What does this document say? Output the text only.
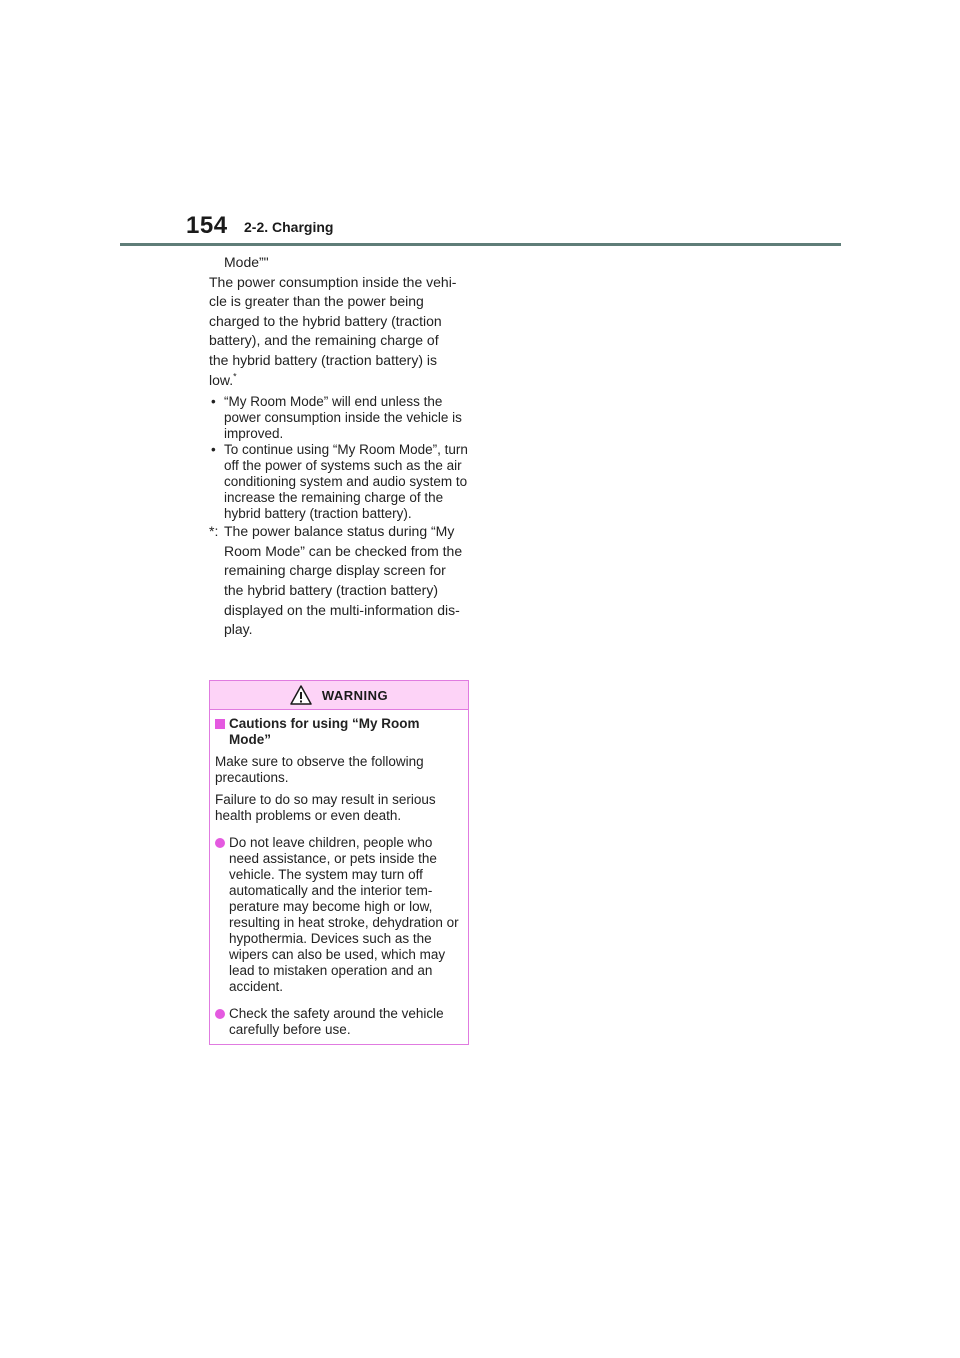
154 2-2. Charging

Mode”"

The power consumption inside the vehi-
cle is greater than the power being
charged to the hybrid battery (traction
battery), and the remaining charge of
the hybrid battery (traction battery) is
low.*

• “My Room Mode” will end unless the power consumption inside the vehicle is improved.
• To continue using “My Room Mode”, turn off the power of systems such as the air conditioning system and audio system to increase the remaining charge of the hybrid battery (traction battery).
*: The power balance status during “My
Room Mode” can be checked from the
remaining charge display screen for
the hybrid battery (traction battery)
displayed on the multi-information dis-
play.
WARNING
Cautions for using “My Room Mode”

Make sure to observe the following precautions.

Failure to do so may result in serious health problems or even death.

Do not leave children, people who need assistance, or pets inside the vehicle. The system may turn off automatically and the interior tem-perature may become high or low, resulting in heat stroke, dehydration or hypothermia. Devices such as the wipers can also be used, which may lead to mistaken operation and an accident.
Check the safety around the vehicle carefully before use.
